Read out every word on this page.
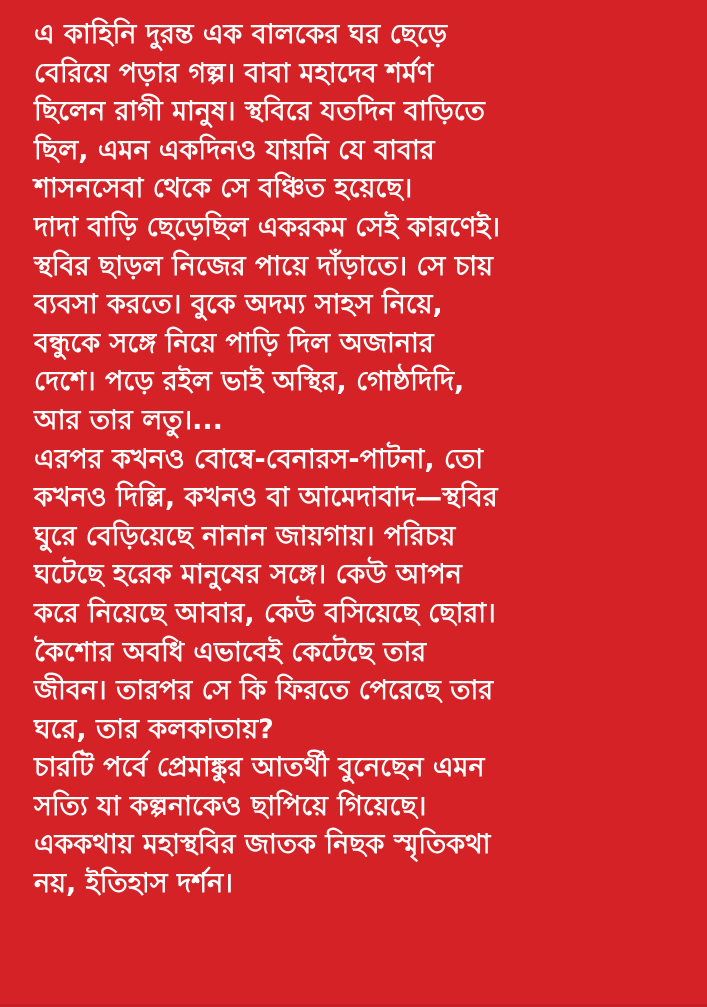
এ কাহিনি দুরন্ত এক বালকের ঘর ছেড়ে
বেরিয়ে পড়ার গল্প। বাবা মহাদেব শর্মণ
ছিলেন রাগী মানুষ। স্থবিরে যতদিন বাড়িতে
ছিল, এমন একদিনও যায়নি যে বাবার
শাসনসেবা থেকে সে বঞ্চিত হয়েছে।
দাদা বাড়ি ছেড়েছিল একরকম সেই কারণেই।
স্থবির ছাড়ল নিজের পায়ে দাঁড়াতে। সে চায়
ব্যবসা করতে। বুকে অদম্য সাহস নিয়ে,
বন্ধুকে সঙ্গে নিয়ে পাড়ি দিল অজানার
দেশে। পড়ে রইল ভাই অস্থির, গোষ্ঠদিদি,
আর তার লতু।...
এরপর কখনও বোম্বে-বেনারস-পাটনা, তো
কখনও দিল্লি, কখনও বা আমেদাবাদ—স্থবির
ঘুরে বেড়িয়েছে নানান জায়গায়। পরিচয়
ঘটেছে হরেক মানুষের সঙ্গে। কেউ আপন
করে নিয়েছে আবার, কেউ বসিয়েছে ছোরা।
কৈশোর অবধি এভাবেই কেটেছে তার
জীবন। তারপর সে কি ফিরতে পেরেছে তার
ঘরে, তার কলকাতায়?
চারটি পর্বে প্রেমাঙ্কুর আতর্থী বুনেছেন এমন
সত্যি যা কল্পনাকেও ছাপিয়ে গিয়েছে।
এককথায় মহাস্থবির জাতক নিছক স্মৃতিকথা
নয়, ইতিহাস দর্শন।
